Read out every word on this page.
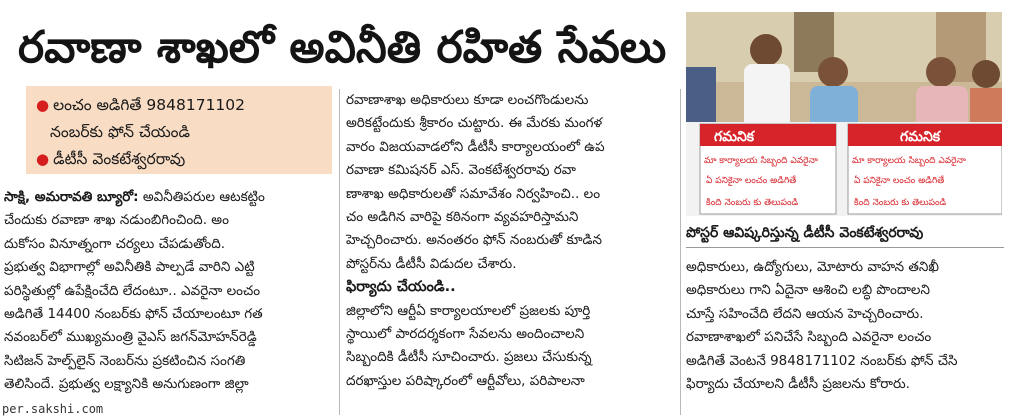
రవాణా శాఖలో అవినీతి రహిత సేవలు
● లంచం అడిగితే 9848171102
నంబర్‌కు ఫోన్ చేయండి
● డీటీసీ వెంకటేశ్వరరావు

సాక్షి, అమరావతి బ్యూరో: అవినీతిపరుల ఆటకట్టిం

చేందుకు రవాణా శాఖ నడుంబిగించింది. అం

దుకోసం వినూత్నంగా చర్యలు చేపడుతోంది.

ప్రభుత్వ విభాగాల్లో అవినీతికి పాల్పడే వారిని ఎట్టి

పరిస్థితుల్లో ఉపేక్షించేది లేదంటూ.. ఎవరైనా లంచం

అడిగితే 14400 నంబర్‌కు ఫోన్ చేయాలంటూ గత

నవంబర్‌లో ముఖ్యమంత్రి వైఎస్ జగన్‌మోహన్‌రెడ్డి

సిటిజన్ హెల్ప్‌లైన్ నెంబర్‌ను ప్రకటించిన సంగతి

తెలిసిందే. ప్రభుత్వ లక్ష్యానికి అనుగుణంగా జిల్లా

రవాణాశాఖ అధికారులు కూడా లంచగొండులను

అరికట్టేందుకు శ్రీకారం చుట్టారు. ఈ మేరకు మంగళ

వారం విజయవాడలోని డీటీసీ కార్యాలయంలో ఉప

రవాణా కమిషనర్ ఎస్. వెంకటేశ్వరరావు రవా

ణాశాఖ అధికారులతో సమావేశం నిర్వహించి.. లం

చం అడిగిన వారిపై కఠినంగా వ్యవహరిస్తామని

హెచ్చరించారు. అనంతరం ఫోన్ నంబరుతో కూడిన

పోస్టర్‌ను డీటీసీ విడుదల చేశారు.

ఫిర్యాదు చేయండి..

జిల్లాలోని ఆర్టీఏ కార్యాలయాలలో ప్రజలకు పూర్తి

స్థాయిలో పారదర్శకంగా సేవలను అందించాలని

సిబ్బందికి డీటీసీ సూచించారు. ప్రజలు చేసుకున్న

దరఖాస్తుల పరిష్కారంలో ఆర్టీవోలు, పరిపాలనా

గమనిక
మా కార్యాలయ సిబ్బంది ఎవరైనా
ఏ పనికైనా లంచం అడిగితే
కింది నెంబరు కు తెలుపండి
గమనిక
మా కార్యాలయ సిబ్బంది ఎవరైనా
ఏ పనికైనా లంచం అడిగితే
కింది నెంబరు కు తెలుపండి
పోస్టర్ ఆవిష్కరిస్తున్న డీటీసీ వెంకటేశ్వరరావు

అధికారులు, ఉద్యోగులు, మోటారు వాహన తనిఖీ

అధికారులు గాని ఏదైనా ఆశించి లబ్ధి పొందాలని

చూస్తే సహించేది లేదని ఆయన హెచ్చరించారు.

రవాణాశాఖలో పనిచేసే సిబ్బంది ఎవరైనా లంచం

అడిగితే వెంటనే 9848171102 నంబర్‌కు ఫోన్ చేసి

ఫిర్యాదు చేయాలని డీటీసీ ప్రజలను కోరారు.

per.sakshi.com
